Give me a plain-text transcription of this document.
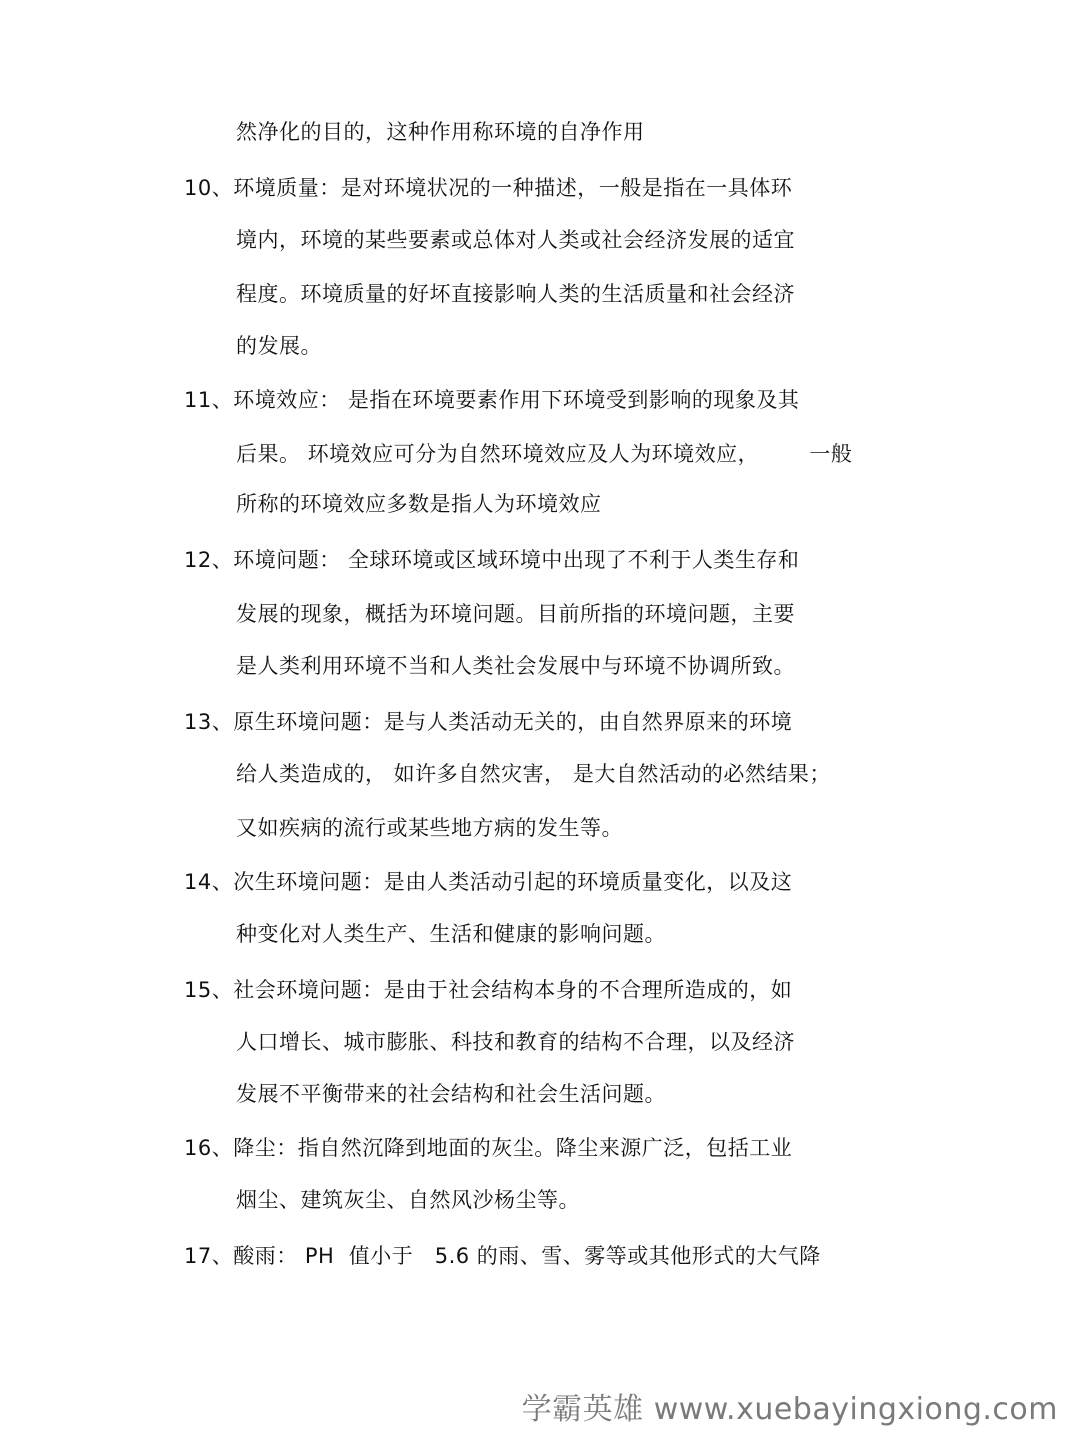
然净化的目的，这种作用称环境的自净作用
10、环境质量：是对环境状况的一种描述，一般是指在一具体环
境内，环境的某些要素或总体对人类或社会经济发展的适宜
程度。环境质量的好坏直接影响人类的生活质量和社会经济
的发展。
11、环境效应： 是指在环境要素作用下环境受到影响的现象及其
后果。 环境效应可分为自然环境效应及人为环境效应，       一般
所称的环境效应多数是指人为环境效应
12、环境问题： 全球环境或区域环境中出现了不利于人类生存和
发展的现象，概括为环境问题。目前所指的环境问题，主要
是人类利用环境不当和人类社会发展中与环境不协调所致。
13、原生环境问题：是与人类活动无关的，由自然界原来的环境
给人类造成的， 如许多自然灾害， 是大自然活动的必然结果；
又如疾病的流行或某些地方病的发生等。
14、次生环境问题：是由人类活动引起的环境质量变化，以及这
种变化对人类生产、生活和健康的影响问题。
15、社会环境问题：是由于社会结构本身的不合理所造成的，如
人口增长、城市膨胀、科技和教育的结构不合理，以及经济
发展不平衡带来的社会结构和社会生活问题。
16、降尘：指自然沉降到地面的灰尘。降尘来源广泛，包括工业
烟尘、建筑灰尘、自然风沙杨尘等。
17、酸雨： PH  值小于   5.6 的雨、雪、雾等或其他形式的大气降
学霸英雄 www.xuebayingxiong.com
